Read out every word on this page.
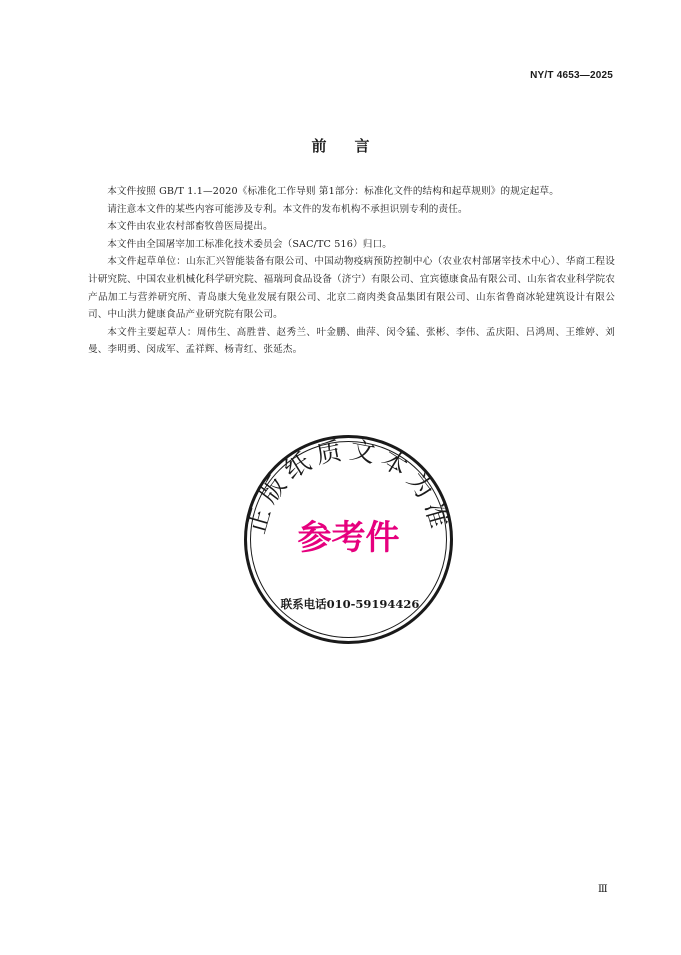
NY/T 4653—2025
前言

本文件按照 GB/T 1.1—2020《标准化工作导则 第1部分：标准化文件的结构和起草规则》的规定起草。

请注意本文件的某些内容可能涉及专利。本文件的发布机构不承担识别专利的责任。

本文件由农业农村部畜牧兽医局提出。

本文件由全国屠宰加工标准化技术委员会（SAC/TC 516）归口。

本文件起草单位：山东汇兴智能装备有限公司、中国动物疫病预防控制中心（农业农村部屠宰技术中心）、华商工程设计研究院、中国农业机械化科学研究院、福瑞珂食品设备（济宁）有限公司、宜宾德康食品有限公司、山东省农业科学院农产品加工与营养研究所、青岛康大兔业发展有限公司、北京二商肉类食品集团有限公司、山东省鲁商冰轮建筑设计有限公司、中山洪力健康食品产业研究院有限公司。

本文件主要起草人：周伟生、高胜普、赵秀兰、叶金鹏、曲萍、闵令猛、张彬、李伟、孟庆阳、吕鸿周、王维婷、刘曼、李明勇、闵成军、孟祥辉、杨青红、张延杰。

正版纸质文本为准
参考件
联系电话010-59194426
Ⅲ
